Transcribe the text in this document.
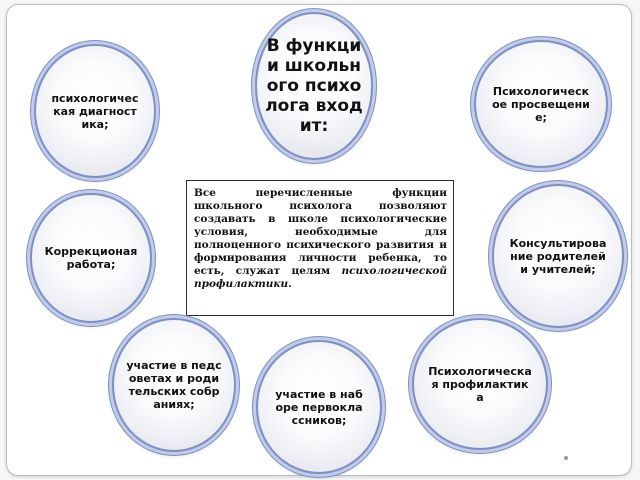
В функции школьного психолога входит:
психологическая диагностика;
Психологическое просвещение;
Коррекционая работа;
Консультирование родителей и учителей;
Все перечисленные функции школьного психолога позволяют создавать в школе психологические условия, необходимые для полноценного психического развития и формирования личности ребенка, то есть, служат целям психологической профилактики.
участие в педсоветах и родительских собраниях;
участие в наборе первоклассников;
Психологическая профилактика
